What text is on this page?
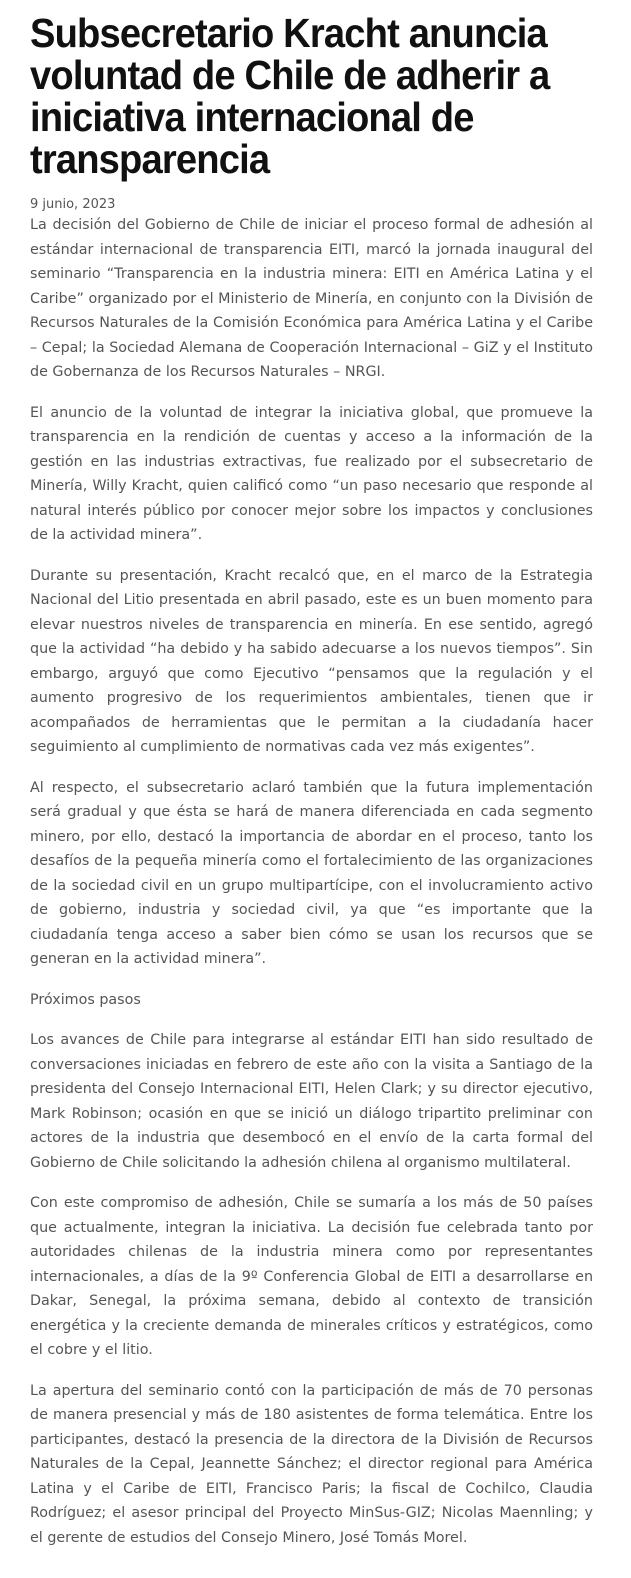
Subsecretario Kracht anuncia voluntad de Chile de adherir a iniciativa internacional de transparencia
9 junio, 2023

La decisión del Gobierno de Chile de iniciar el proceso formal de adhesión al estándar internacional de transparencia EITI, marcó la jornada inaugural del seminario “Transparencia en la industria minera: EITI en América Latina y el Caribe” organizado por el Ministerio de Minería, en conjunto con la División de Recursos Naturales de la Comisión Económica para América Latina y el Caribe – Cepal; la Sociedad Alemana de Cooperación Internacional – GiZ y el Instituto de Gobernanza de los Recursos Naturales – NRGI.

El anuncio de la voluntad de integrar la iniciativa global, que promueve la transparencia en la rendición de cuentas y acceso a la información de la gestión en las industrias extractivas, fue realizado por el subsecretario de Minería, Willy Kracht, quien calificó como “un paso necesario que responde al natural interés público por conocer mejor sobre los impactos y conclusiones de la actividad minera”.

Durante su presentación, Kracht recalcó que, en el marco de la Estrategia Nacional del Litio presentada en abril pasado, este es un buen momento para elevar nuestros niveles de transparencia en minería. En ese sentido, agregó que la actividad “ha debido y ha sabido adecuarse a los nuevos tiempos”. Sin embargo, arguyó que como Ejecutivo “pensamos que la regulación y el aumento progresivo de los requerimientos ambientales, tienen que ir acompañados de herramientas que le permitan a la ciudadanía hacer seguimiento al cumplimiento de normativas cada vez más exigentes”.

Al respecto, el subsecretario aclaró también que la futura implementación será gradual y que ésta se hará de manera diferenciada en cada segmento minero, por ello, destacó la importancia de abordar en el proceso, tanto los desafíos de la pequeña minería como el fortalecimiento de las organizaciones de la sociedad civil en un grupo multipartícipe, con el involucramiento activo de gobierno, industria y sociedad civil, ya que “es importante que la ciudadanía tenga acceso a saber bien cómo se usan los recursos que se generan en la actividad minera”.

Próximos pasos

Los avances de Chile para integrarse al estándar EITI han sido resultado de conversaciones iniciadas en febrero de este año con la visita a Santiago de la presidenta del Consejo Internacional EITI, Helen Clark; y su director ejecutivo, Mark Robinson; ocasión en que se inició un diálogo tripartito preliminar con actores de la industria que desembocó en el envío de la carta formal del Gobierno de Chile solicitando la adhesión chilena al organismo multilateral.

Con este compromiso de adhesión, Chile se sumaría a los más de 50 países que actualmente, integran la iniciativa. La decisión fue celebrada tanto por autoridades chilenas de la industria minera como por representantes internacionales, a días de la 9º Conferencia Global de EITI a desarrollarse en Dakar, Senegal, la próxima semana, debido al contexto de transición energética y la creciente demanda de minerales críticos y estratégicos, como el cobre y el litio.

La apertura del seminario contó con la participación de más de 70 personas de manera presencial y más de 180 asistentes de forma telemática. Entre los participantes, destacó la presencia de la directora de la División de Recursos Naturales de la Cepal, Jeannette Sánchez; el director regional para América Latina y el Caribe de EITI, Francisco Paris; la fiscal de Cochilco, Claudia Rodríguez; el asesor principal del Proyecto MinSus-GIZ; Nicolas Maennling; y el gerente de estudios del Consejo Minero, José Tomás Morel.
